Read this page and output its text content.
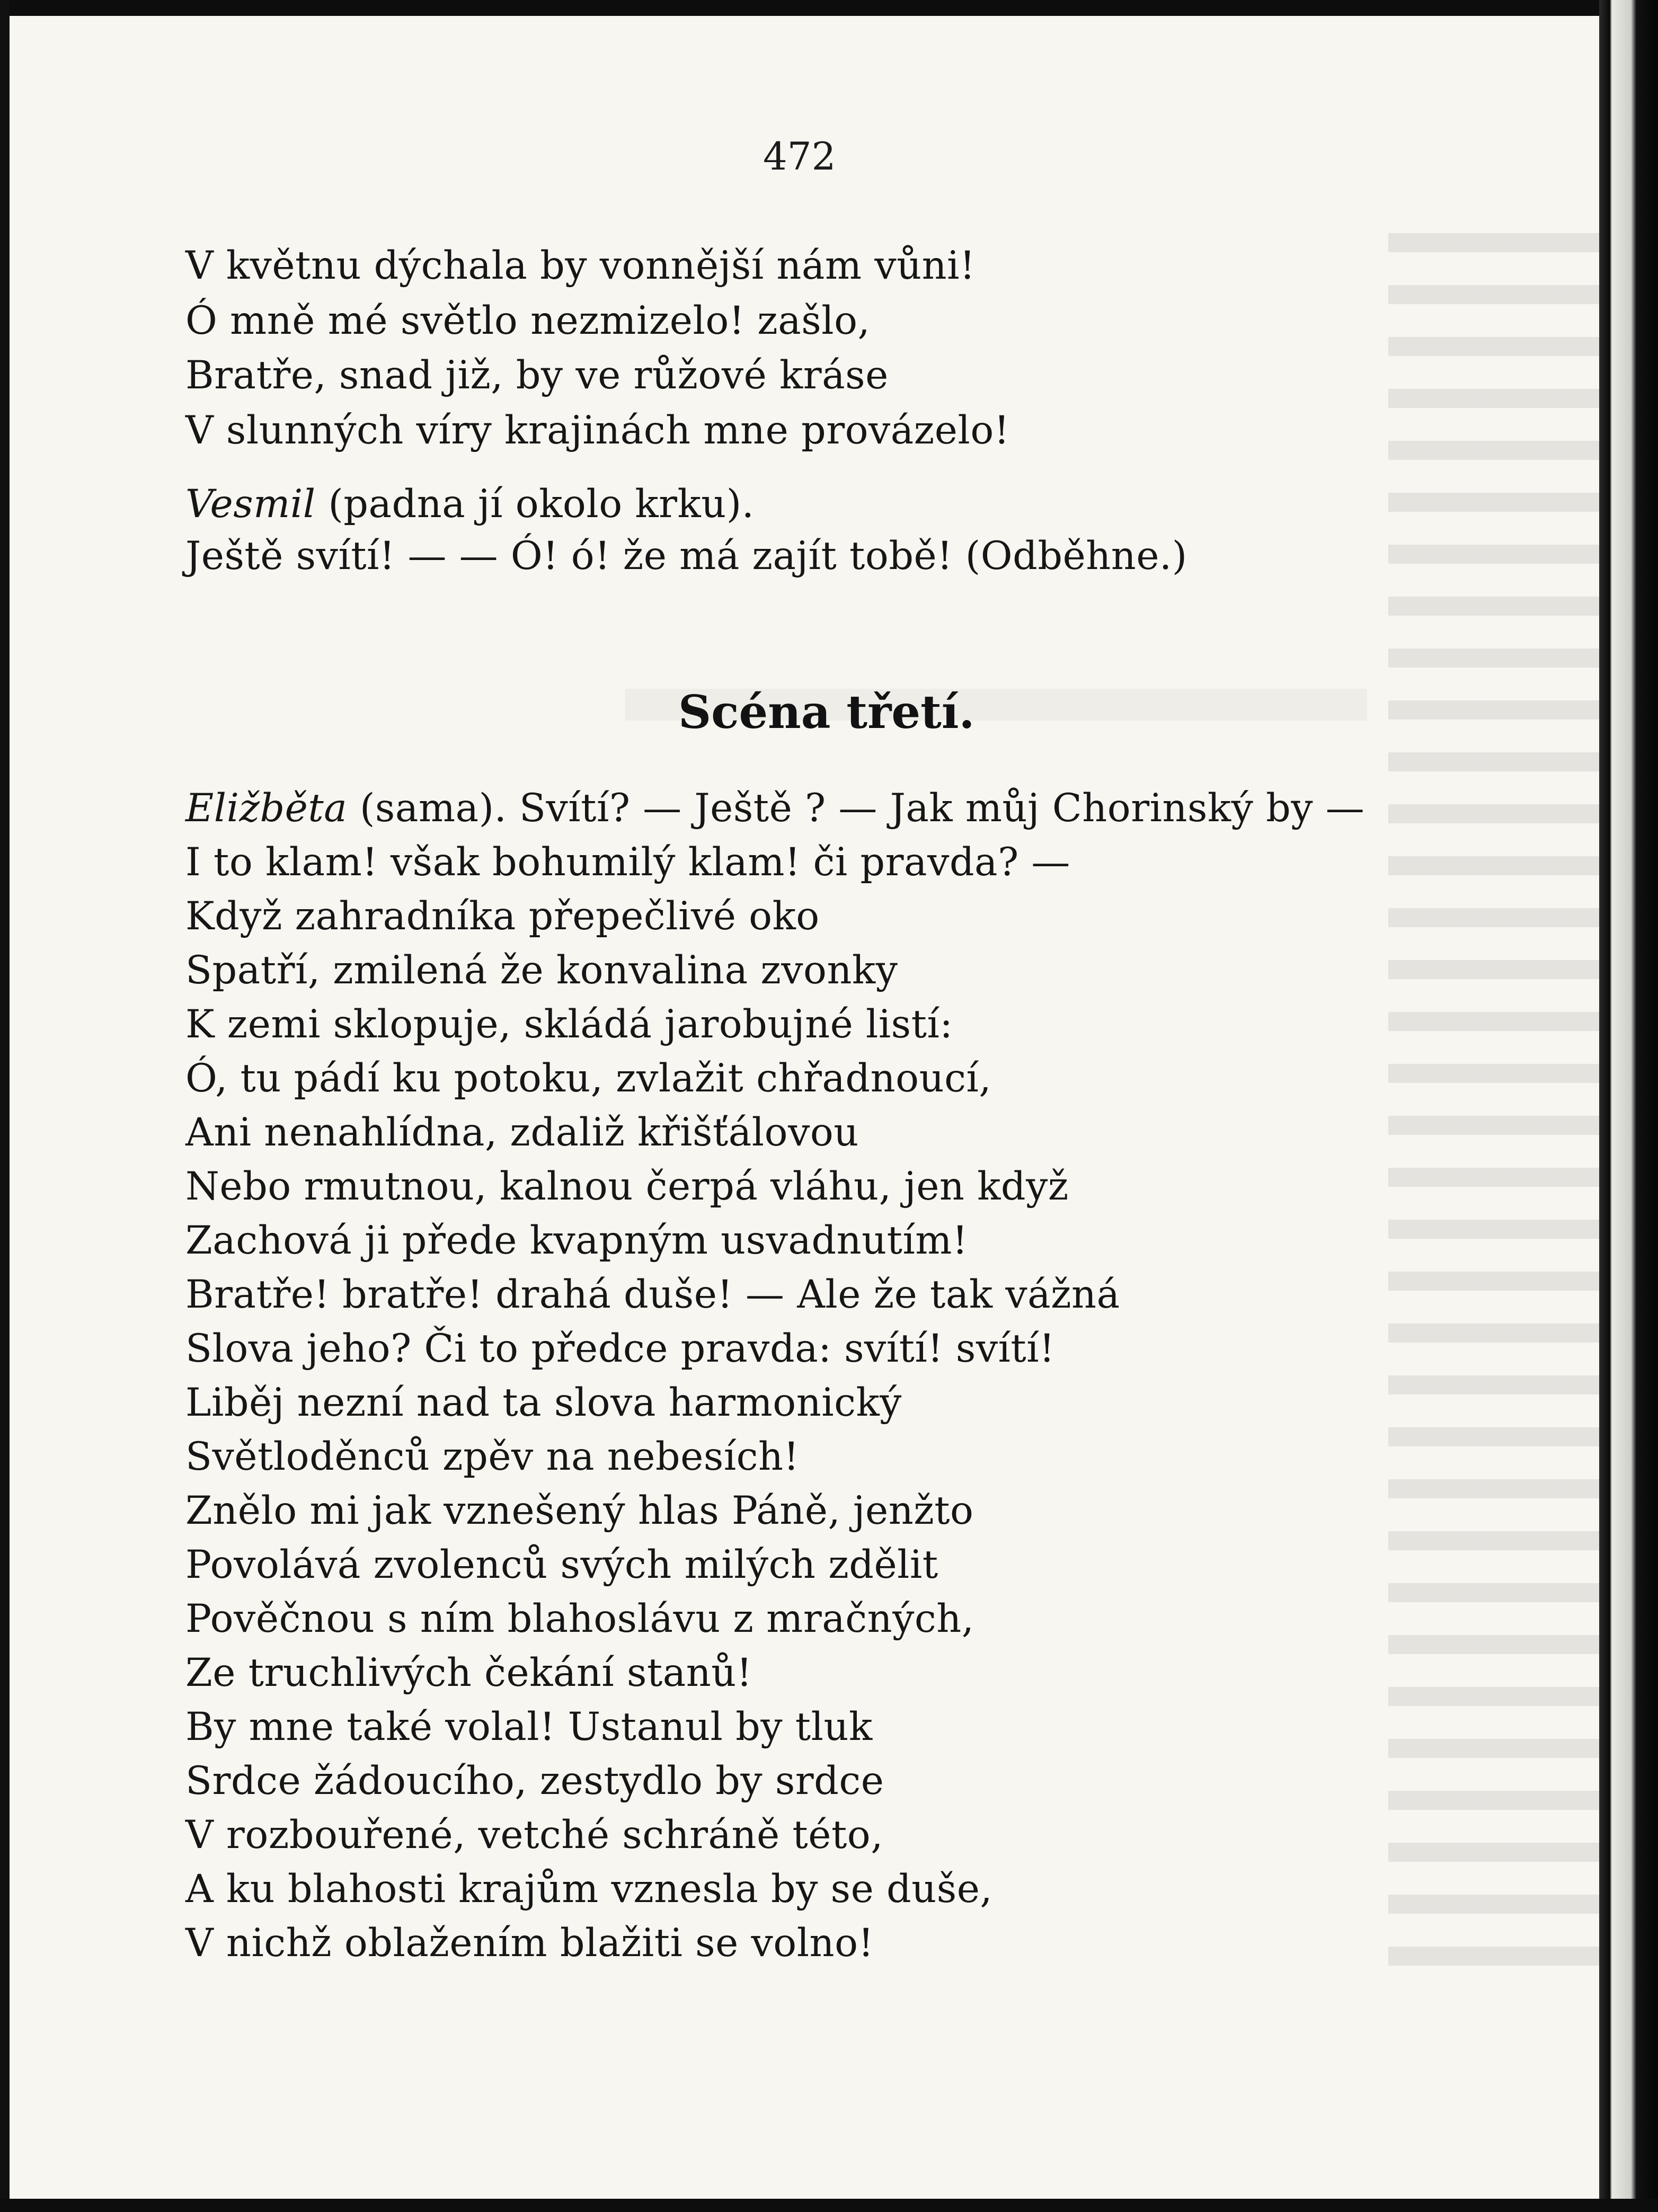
472
V květnu dýchala by vonnější nám vůni!
Ó mně mé světlo nezmizelo! zašlo,
Bratře, snad již, by ve růžové kráse
V slunných víry krajinách mne provázelo!
Vesmil (padna jí okolo krku).
Ještě svítí! — — Ó! ó! že má zajít tobě! (Odběhne.)
Scéna třetí.
Eližběta (sama). Svítí? — Ještě ? — Jak můj Chorinský by —
I to klam! však bohumilý klam! či pravda? —
Když zahradníka přepečlivé oko
Spatří, zmilená že konvalina zvonky
K zemi sklopuje, skládá jarobujné listí:
Ó, tu pádí ku potoku, zvlažit chřadnoucí,
Ani nenahlídna, zdaliž křišťálovou
Nebo rmutnou, kalnou čerpá vláhu, jen když
Zachová ji přede kvapným usvadnutím!
Bratře! bratře! drahá duše! — Ale že tak vážná
Slova jeho? Či to předce pravda: svítí! svítí!
Liběj nezní nad ta slova harmonický
Světloděnců zpěv na nebesích!
Znělo mi jak vznešený hlas Páně, jenžto
Povolává zvolenců svých milých zdělit
Pověčnou s ním blahoslávu z mračných,
Ze truchlivých čekání stanů!
By mne také volal! Ustanul by tluk
Srdce žádoucího, zestydlo by srdce
V rozbouřené, vetché schráně této,
A ku blahosti krajům vznesla by se duše,
V nichž oblažením blažiti se volno!
